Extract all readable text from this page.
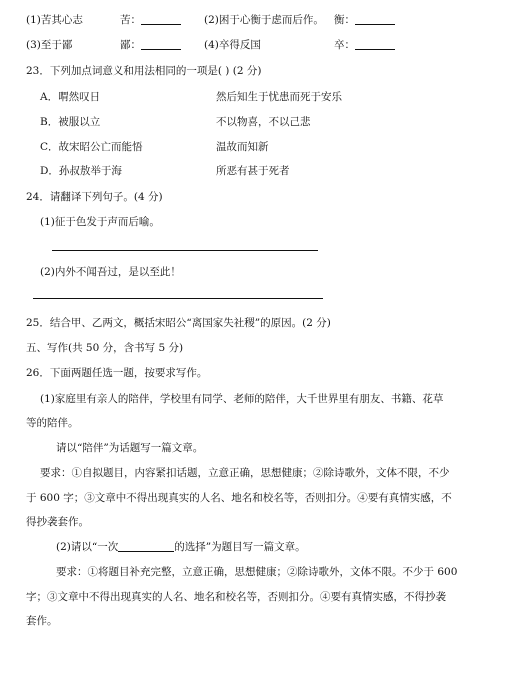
(1)苦其心志	苦：	(2)困于心衡于虑而后作。 衡：
(3)至于鄙	鄙：	(4)卒得反国	卒：
23．下列加点词意义和用法相同的一项是( ) (2 分)
A．喟然叹日	然后知生于忧患而死于安乐
B．被服以立	不以物喜，不以己悲
C．故宋昭公亡而能悟	温故而知新
D．孙叔敖举于海	所恶有甚于死者
24．请翻译下列句子。(4 分)
(1)征于色发于声而后喻。
(2)内外不闻吾过，是以至此！
25．结合甲、乙两文，概括宋昭公“离国家失社稷”的原因。(2 分)
五、写作(共 50 分，含书写 5 分)
26．下面两题任选一题，按要求写作。
(1)家庭里有亲人的陪伴，学校里有同学、老师的陪伴，大千世界里有朋友、书籍、花草
等的陪伴。
请以“陪伴”为话题写一篇文章。
要求：①自拟题目，内容紧扣话题，立意正确，思想健康；②除诗歌外，文体不限，不少
于 600 字；③文章中不得出现真实的人名、地名和校名等，否则扣分。④要有真情实感，不
得抄袭套作。
(2)请以“一次	的选择”为题目写一篇文章。
要求：①将题目补充完整，立意正确，思想健康；②除诗歌外，文体不限。不少于 600
字；③文章中不得出现真实的人名、地名和校名等，否则扣分。④要有真情实感，不得抄袭
套作。
